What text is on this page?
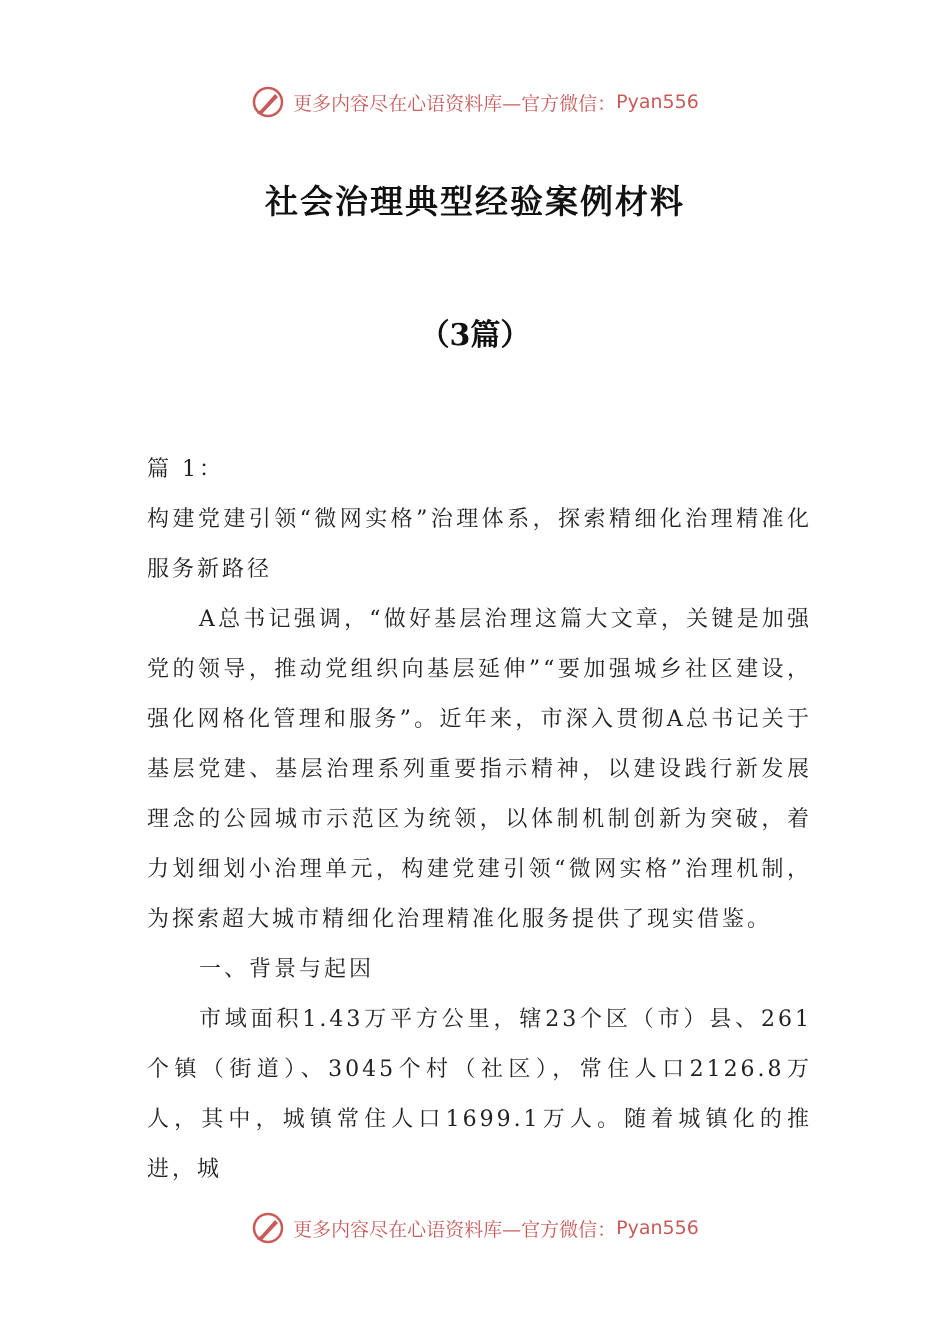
更多内容尽在心语资料库—官方微信： Pyan556
社会治理典型经验案例材料
（3篇）

篇 1：

构建党建引领“微网实格”治理体系，探索精细化治理精准化服务新路径

A总书记强调，“做好基层治理这篇大文章，关键是加强党的领导，推动党组织向基层延伸”“要加强城乡社区建设，强化网格化管理和服务”。近年来，市深入贯彻A总书记关于基层党建、基层治理系列重要指示精神，以建设践行新发展理念的公园城市示范区为统领，以体制机制创新为突破，着力划细划小治理单元，构建党建引领“微网实格”治理机制，为探索超大城市精细化治理精准化服务提供了现实借鉴。

一、背景与起因

市域面积1.43万平方公里，辖23个区（市）县、261个镇（街道）、3045个村（社区），常住人口2126.8万人，其中，城镇常住人口1699.1万人。随着城镇化的推进，城

更多内容尽在心语资料库—官方微信： Pyan556
